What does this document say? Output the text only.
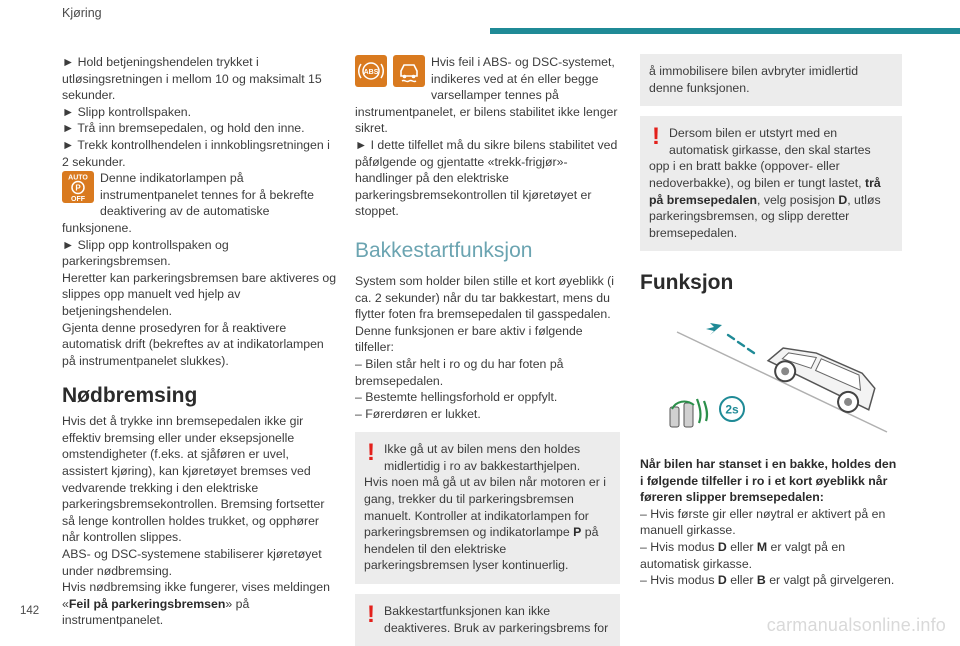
Kjøring

► Hold betjeningshendelen trykket i utløsingsretningen i mellom 10 og maksimalt 15 sekunder.

► Slipp kontrollspaken.

► Trå inn bremsepedalen, og hold den inne.

► Trekk kontrollhendelen i innkoblingsretningen i 2 sekunder.

AUTO
P
OFF

Denne indikatorlampen på instrumentpanelet tennes for å bekrefte deaktivering av de automatiske funksjonene.

► Slipp opp kontrollspaken og parkeringsbremsen.

Heretter kan parkeringsbremsen bare aktiveres og slippes opp manuelt ved hjelp av betjeningshendelen.

Gjenta denne prosedyren for å reaktivere automatisk drift (bekreftes av at indikatorlampen på instrumentpanelet slukkes).

Nødbremsing

Hvis det å trykke inn bremsepedalen ikke gir effektiv bremsing eller under eksepsjonelle omstendigheter (f.eks. at sjåføren er uvel, assistert kjøring), kan kjøretøyet bremses ved vedvarende trekking i den elektriske parkeringsbremsekontrollen. Bremsing fortsetter så lenge kontrollen holdes trukket, og opphører når kontrollen slippes.

ABS- og DSC-systemene stabiliserer kjøretøyet under nødbremsing.

Hvis nødbremsing ikke fungerer, vises meldingen «Feil på parkeringsbremsen» på instrumentpanelet.

ABS

Hvis feil i ABS- og DSC-systemet, indikeres ved at én eller begge varsellamper tennes på instrumentpanelet, er bilens stabilitet ikke lenger sikret.

► I dette tilfellet må du sikre bilens stabilitet ved påfølgende og gjentatte «trekk-frigjør»-handlinger på den elektriske parkeringsbremsekontrollen til kjøretøyet er stoppet.

Bakkestartfunksjon

System som holder bilen stille et kort øyeblikk (i ca. 2 sekunder) når du tar bakkestart, mens du flytter foten fra bremsepedalen til gasspedalen.

Denne funksjonen er bare aktiv i følgende tilfeller:

– Bilen står helt i ro og du har foten på bremsepedalen.

– Bestemte hellingsforhold er oppfylt.

– Førerdøren er lukket.

! Ikke gå ut av bilen mens den holdes midlertidig i ro av bakkestarthjelpen.

Hvis noen må gå ut av bilen når motoren er i gang, trekker du til parkeringsbremsen manuelt. Kontroller at indikatorlampen for parkeringsbremsen og indikatorlampe P på hendelen til den elektriske parkeringsbremsen lyser kontinuerlig.

! Bakkestartfunksjonen kan ikke deaktiveres. Bruk av parkeringsbrems for

å immobilisere bilen avbryter imidlertid denne funksjonen.

! Dersom bilen er utstyrt med en automatisk girkasse, den skal startes opp i en bratt bakke (oppover- eller nedoverbakke), og bilen er tungt lastet, trå på bremsepedalen, velg posisjon D, utløs parkeringsbremsen, og slipp deretter bremsepedalen.

Funksjon

2s

Når bilen har stanset i en bakke, holdes den i følgende tilfeller i ro i et kort øyeblikk når føreren slipper bremsepedalen:

– Hvis første gir eller nøytral er aktivert på en manuell girkasse.

– Hvis modus D eller M er valgt på en automatisk girkasse.

– Hvis modus D eller B er valgt på girvelgeren.

142
carmanualsonline.info
